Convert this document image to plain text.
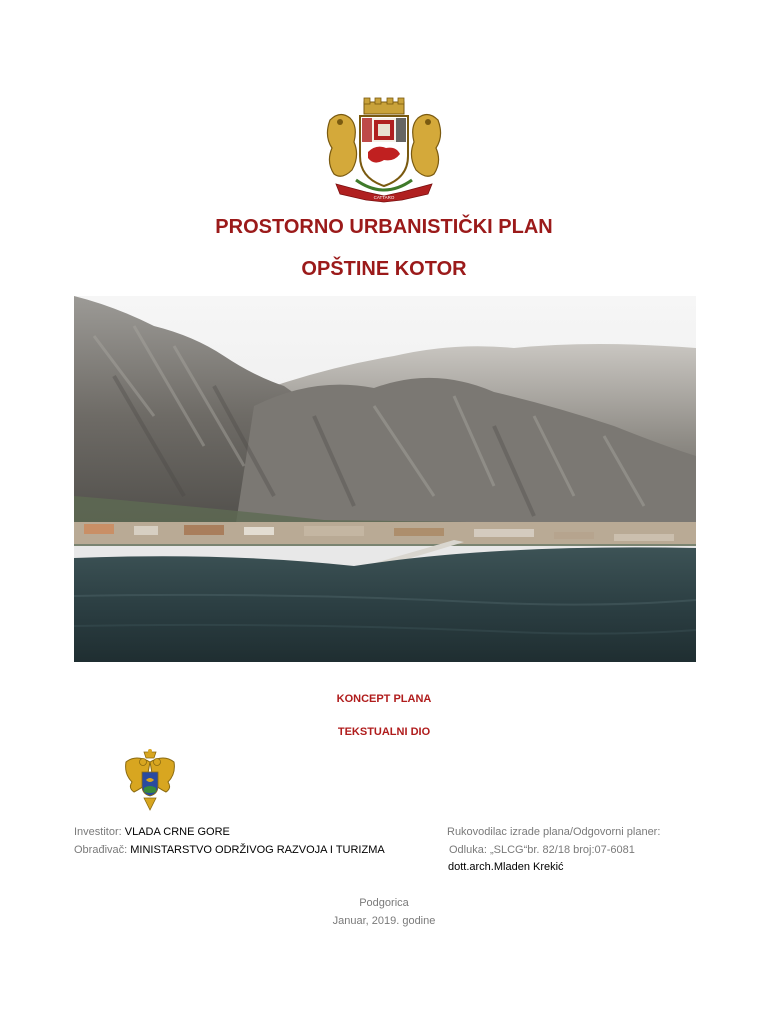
CATTARO
PROSTORNO URBANISTIČKI PLAN
OPŠTINE KOTOR
KONCEPT PLANA
TEKSTUALNI DIO
Investitor: VLADA CRNE GORE
Obrađivač: MINISTARSTVO ODRŽIVOG RAZVOJA I TURIZMA
Rukovodilac izrade plana/Odgovorni planer:
Odluka: „SLCG“br. 82/18 broj:07-6081
dott.arch.Mladen Krekić
Podgorica
Januar, 2019. godine
